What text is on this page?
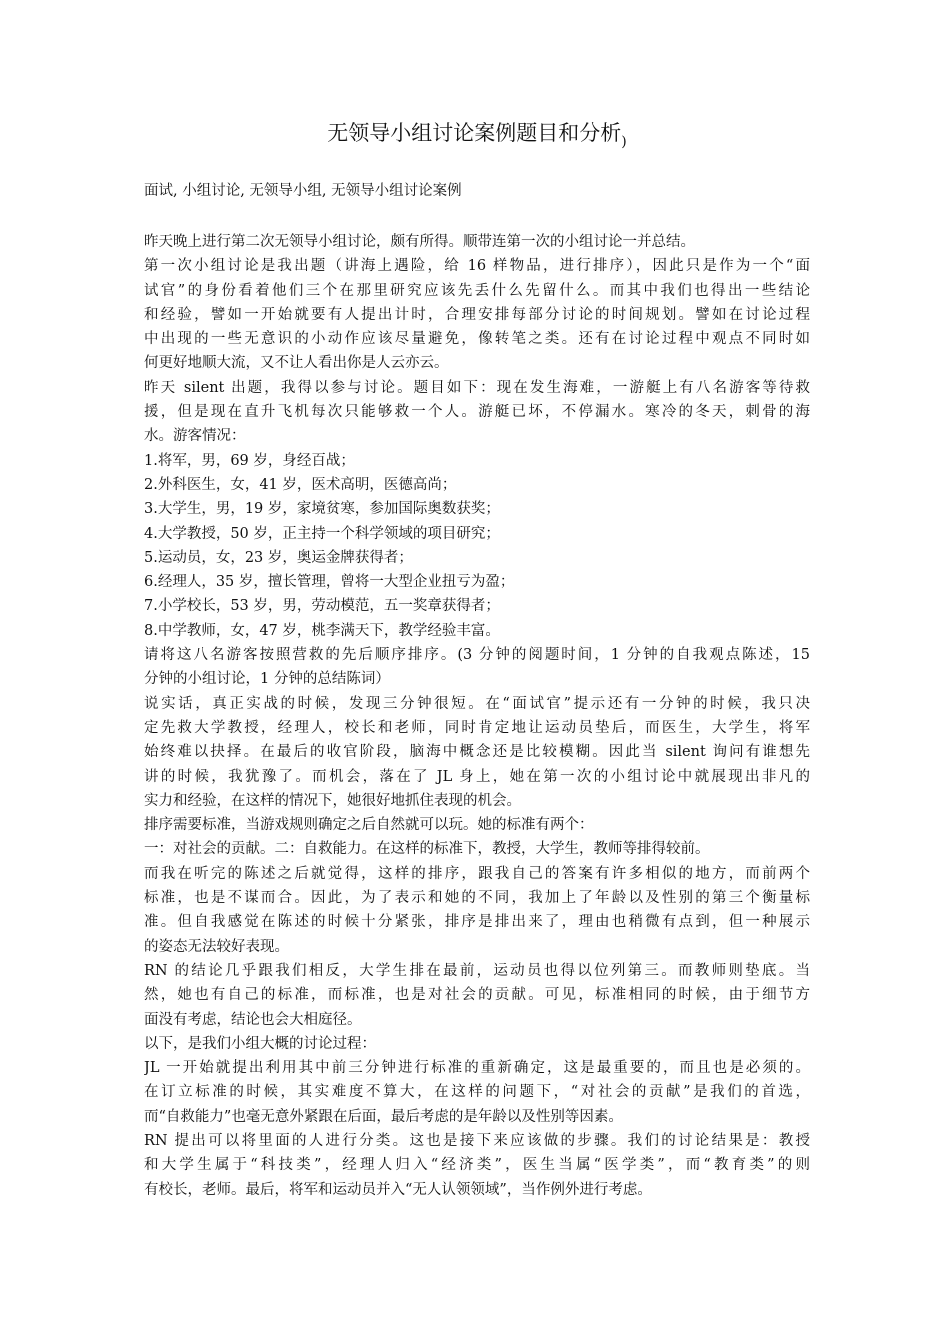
无领导小组讨论案例题目和分析$_)$
面试, 小组讨论, 无领导小组, 无领导小组讨论案例

昨天晚上进行第二次无领导小组讨论，颇有所得。顺带连第一次的小组讨论一并总结。

第一次小组讨论是我出题（讲海上遇险，给 16 样物品，进行排序），因此只是作为一个“面

试官”的身份看着他们三个在那里研究应该先丢什么先留什么。而其中我们也得出一些结论

和经验，譬如一开始就要有人提出计时，合理安排每部分讨论的时间规划。譬如在讨论过程

中出现的一些无意识的小动作应该尽量避免，像转笔之类。还有在讨论过程中观点不同时如

何更好地顺大流，又不让人看出你是人云亦云。

昨天 silent 出题，我得以参与讨论。题目如下：现在发生海难，一游艇上有八名游客等待救

援，但是现在直升飞机每次只能够救一个人。游艇已坏，不停漏水。寒冷的冬天，刺骨的海

水。游客情况：

1.将军，男，69 岁，身经百战；

2.外科医生，女，41 岁，医术高明，医德高尚；

3.大学生，男，19 岁，家境贫寒，参加国际奥数获奖；

4.大学教授，50 岁，正主持一个科学领域的项目研究；

5.运动员，女，23 岁，奥运金牌获得者；

6.经理人，35 岁，擅长管理，曾将一大型企业扭亏为盈；

7.小学校长，53 岁，男，劳动模范，五一奖章获得者；

8.中学教师，女，47 岁，桃李满天下，教学经验丰富。

请将这八名游客按照营救的先后顺序排序。(3 分钟的阅题时间，1 分钟的自我观点陈述，15

分钟的小组讨论，1 分钟的总结陈词）

说实话，真正实战的时候，发现三分钟很短。在“面试官”提示还有一分钟的时候，我只决

定先救大学教授，经理人，校长和老师，同时肯定地让运动员垫后，而医生，大学生，将军

始终难以抉择。在最后的收官阶段，脑海中概念还是比较模糊。因此当 silent 询问有谁想先

讲的时候，我犹豫了。而机会，落在了 JL 身上，她在第一次的小组讨论中就展现出非凡的

实力和经验，在这样的情况下，她很好地抓住表现的机会。

排序需要标准，当游戏规则确定之后自然就可以玩。她的标准有两个：

一：对社会的贡献。二：自救能力。在这样的标准下，教授，大学生，教师等排得较前。

而我在听完的陈述之后就觉得，这样的排序，跟我自己的答案有许多相似的地方，而前两个

标准，也是不谋而合。因此，为了表示和她的不同，我加上了年龄以及性别的第三个衡量标

准。但自我感觉在陈述的时候十分紧张，排序是排出来了，理由也稍微有点到，但一种展示

的姿态无法较好表现。

RN 的结论几乎跟我们相反，大学生排在最前，运动员也得以位列第三。而教师则垫底。当

然，她也有自己的标准，而标准，也是对社会的贡献。可见，标准相同的时候，由于细节方

面没有考虑，结论也会大相庭径。

以下，是我们小组大概的讨论过程：

JL 一开始就提出利用其中前三分钟进行标准的重新确定，这是最重要的，而且也是必须的。

在订立标准的时候，其实难度不算大，在这样的问题下，“对社会的贡献”是我们的首选，

而“自救能力”也毫无意外紧跟在后面，最后考虑的是年龄以及性别等因素。

RN 提出可以将里面的人进行分类。这也是接下来应该做的步骤。我们的讨论结果是：教授

和大学生属于“科技类”，经理人归入“经济类”，医生当属“医学类”，而“教育类”的则

有校长，老师。最后，将军和运动员并入“无人认领领域”，当作例外进行考虑。
